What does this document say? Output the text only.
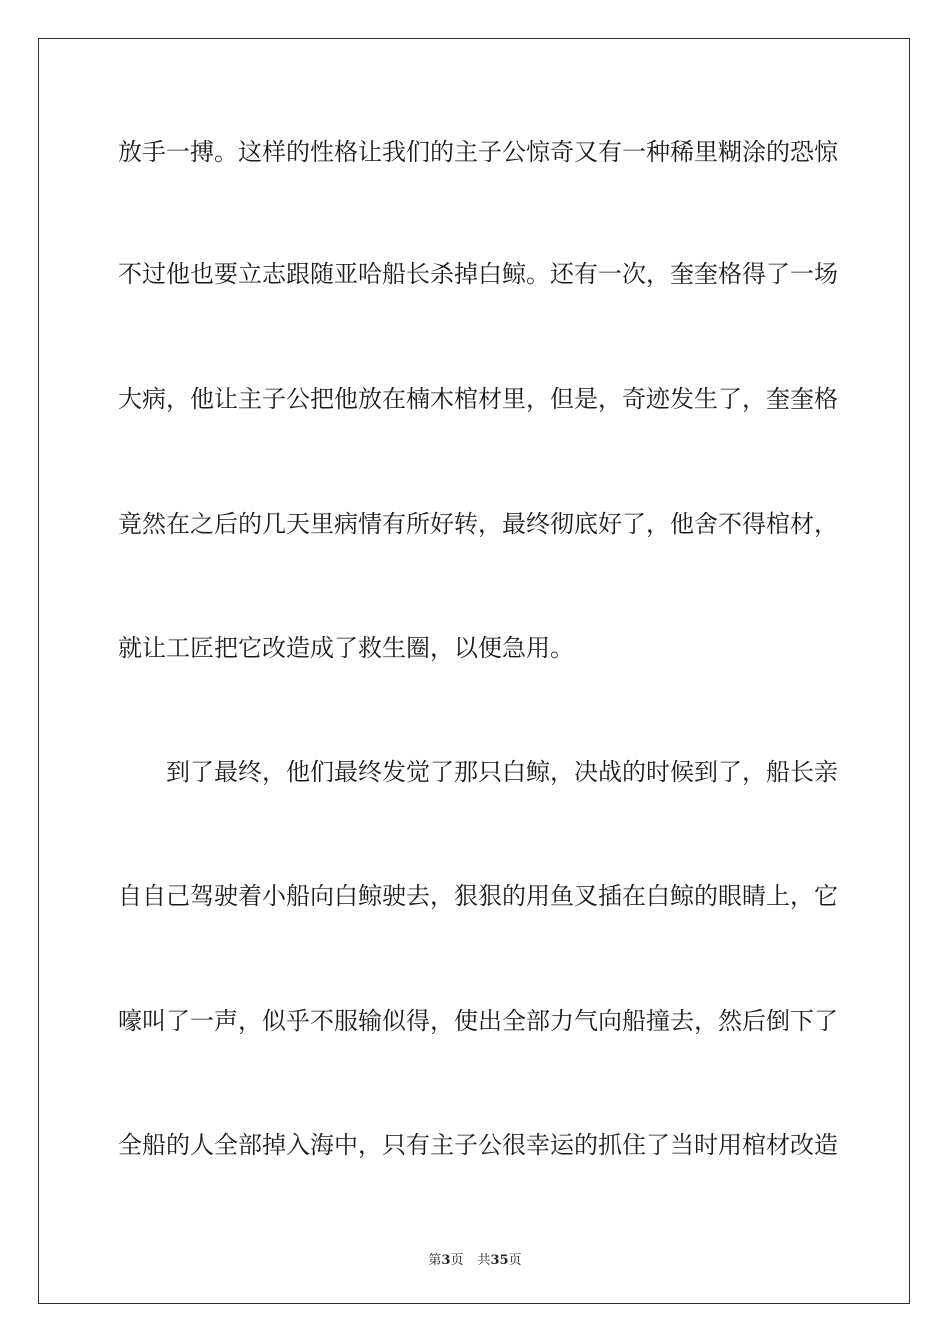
放手一搏。这样的性格让我们的主子公惊奇又有一种稀里糊涂的恐惊
不过他也要立志跟随亚哈船长杀掉白鲸。还有一次，奎奎格得了一场
大病，他让主子公把他放在楠木棺材里，但是，奇迹发生了，奎奎格
竟然在之后的几天里病情有所好转，最终彻底好了，他舍不得棺材，
就让工匠把它改造成了救生圈，以便急用。
到了最终，他们最终发觉了那只白鲸，决战的时候到了，船长亲
自自己驾驶着小船向白鲸驶去，狠狠的用鱼叉插在白鲸的眼睛上，它
嚎叫了一声，似乎不服输似得，使出全部力气向船撞去，然后倒下了
全船的人全部掉入海中，只有主子公很幸运的抓住了当时用棺材改造
第3页 共35页
